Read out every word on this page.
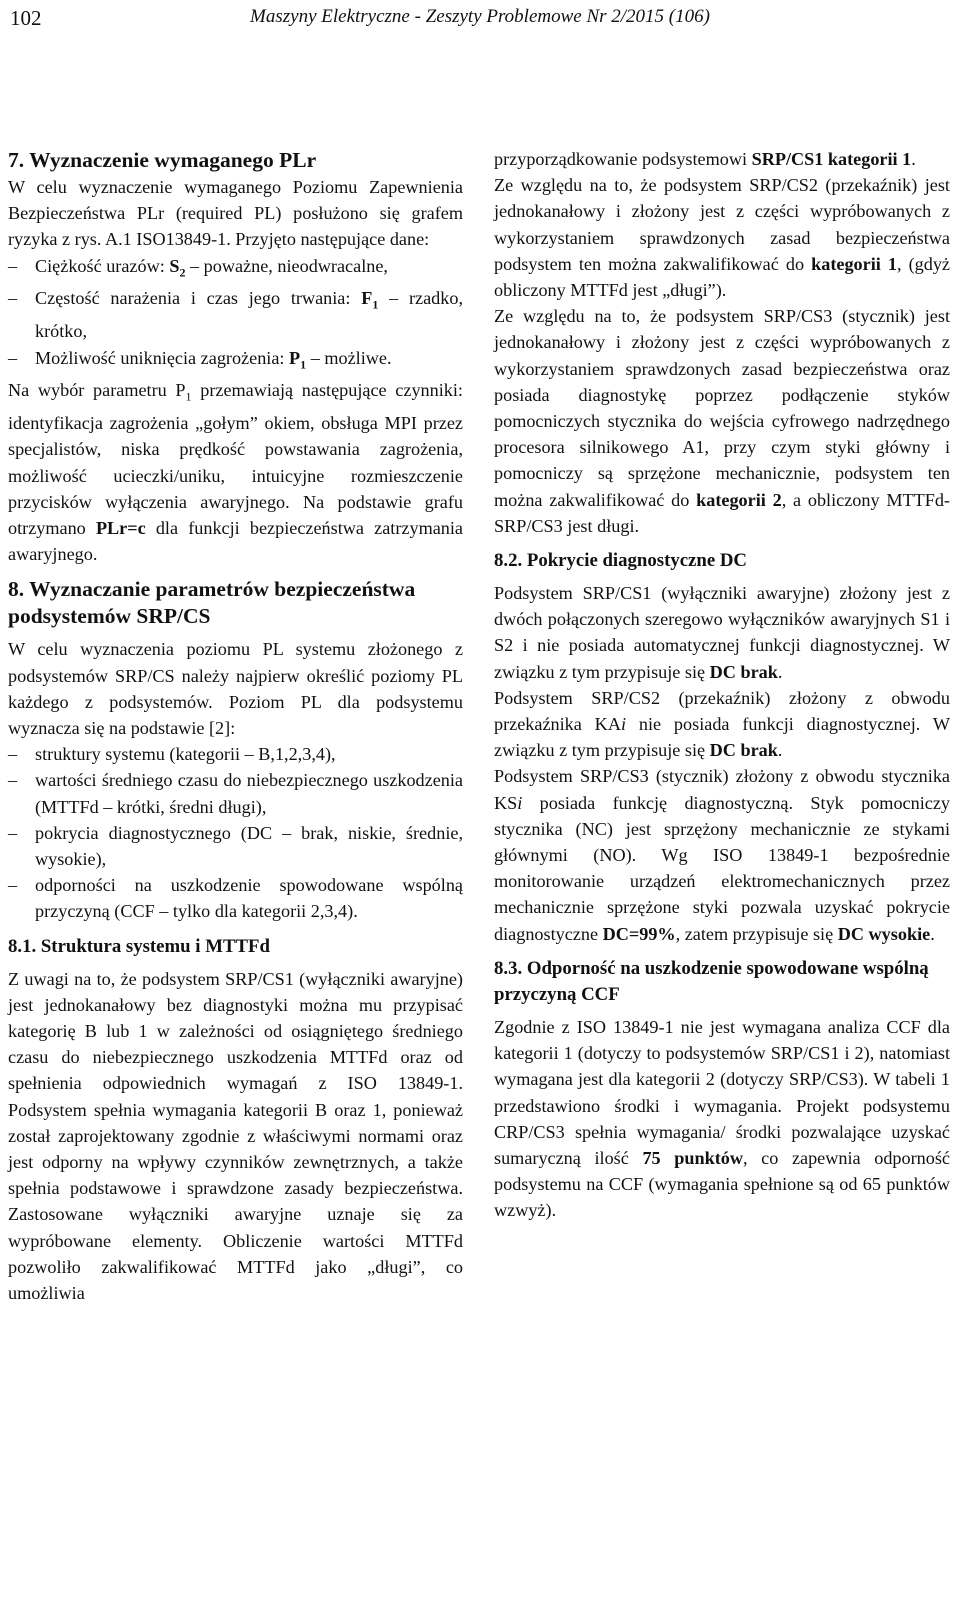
102	Maszyny Elektryczne - Zeszyty Problemowe Nr 2/2015 (106)
7. Wyznaczenie wymaganego PLr

W celu wyznaczenie wymaganego Poziomu Zapewnienia Bezpieczeństwa PLr (required PL) posłużono się grafem ryzyka z rys. A.1 ISO13849-1. Przyjęto następujące dane:

– Ciężkość urazów: $S_2$ – poważne, nieodwracalne,
– Częstość narażenia i czas jego trwania: $F_1$ – rzadko, krótko,
– Możliwość uniknięcia zagrożenia: $P_1$ – możliwe.

Na wybór parametru $P_1$ przemawiają następujące czynniki: identyfikacja zagrożenia „gołym” okiem, obsługa MPI przez specjalistów, niska prędkość powstawania zagrożenia, możliwość ucieczki/uniku, intuicyjne rozmieszczenie przycisków wyłączenia awaryjnego. Na podstawie grafu otrzymano PLr=c dla funkcji bezpieczeństwa zatrzymania awaryjnego.

8. Wyznaczanie parametrów bezpieczeństwa podsystemów SRP/CS

W celu wyznaczenia poziomu PL systemu złożonego z podsystemów SRP/CS należy najpierw określić poziomy PL każdego z podsystemów. Poziom PL dla podsystemu wyznacza się na podstawie [2]:

– struktury systemu (kategorii – B,1,2,3,4),
– wartości średniego czasu do niebezpiecznego uszkodzenia (MTTFd – krótki, średni długi),
– pokrycia diagnostycznego (DC – brak, niskie, średnie, wysokie),
– odporności na uszkodzenie spowodowane wspólną przyczyną (CCF – tylko dla kategorii 2,3,4).
8.1. Struktura systemu i MTTFd

Z uwagi na to, że podsystem SRP/CS1 (wyłączniki awaryjne) jest jednokanałowy bez diagnostyki można mu przypisać kategorię B lub 1 w zależności od osiągniętego średniego czasu do niebezpiecznego uszkodzenia MTTFd oraz od spełnienia odpowiednich wymagań z ISO 13849-1. Podsystem spełnia wymagania kategorii B oraz 1, ponieważ został zaprojektowany zgodnie z właściwymi normami oraz jest odporny na wpływy czynników zewnętrznych, a także spełnia podstawowe i sprawdzone zasady bezpieczeństwa. Zastosowane wyłączniki awaryjne uznaje się za wypróbowane elementy. Obliczenie wartości MTTFd pozwoliło zakwalifikować MTTFd jako „długi”, co umożliwia

przyporządkowanie podsystemowi SRP/CS1 kategorii 1.

Ze względu na to, że podsystem SRP/CS2 (przekaźnik) jest jednokanałowy i złożony jest z części wypróbowanych z wykorzystaniem sprawdzonych zasad bezpieczeństwa podsystem ten można zakwalifikować do kategorii 1, (gdyż obliczony MTTFd jest „długi”).

Ze względu na to, że podsystem SRP/CS3 (stycznik) jest jednokanałowy i złożony jest z części wypróbowanych z wykorzystaniem sprawdzonych zasad bezpieczeństwa oraz posiada diagnostykę poprzez podłączenie styków pomocniczych stycznika do wejścia cyfrowego nadrzędnego procesora silnikowego A1, przy czym styki główny i pomocniczy są sprzężone mechanicznie, podsystem ten można zakwalifikować do kategorii 2, a obliczony MTTFd-SRP/CS3 jest długi.

8.2. Pokrycie diagnostyczne DC

Podsystem SRP/CS1 (wyłączniki awaryjne) złożony jest z dwóch połączonych szeregowo wyłączników awaryjnych S1 i S2 i nie posiada automatycznej funkcji diagnostycznej. W związku z tym przypisuje się DC brak.

Podsystem SRP/CS2 (przekaźnik) złożony z obwodu przekaźnika KAi nie posiada funkcji diagnostycznej. W związku z tym przypisuje się DC brak.

Podsystem SRP/CS3 (stycznik) złożony z obwodu stycznika KSi posiada funkcję diagnostyczną. Styk pomocniczy stycznika (NC) jest sprzężony mechanicznie ze stykami głównymi (NO). Wg ISO 13849-1 bezpośrednie monitorowanie urządzeń elektromechanicznych przez mechanicznie sprzężone styki pozwala uzyskać pokrycie diagnostyczne DC=99%, zatem przypisuje się DC wysokie.

8.3. Odporność na uszkodzenie spowodowane wspólną przyczyną CCF

Zgodnie z ISO 13849-1 nie jest wymagana analiza CCF dla kategorii 1 (dotyczy to podsystemów SRP/CS1 i 2), natomiast wymagana jest dla kategorii 2 (dotyczy SRP/CS3). W tabeli 1 przedstawiono środki i wymagania. Projekt podsystemu CRP/CS3 spełnia wymagania/ środki pozwalające uzyskać sumaryczną ilość 75 punktów, co zapewnia odporność podsystemu na CCF (wymagania spełnione są od 65 punktów wzwyż).
